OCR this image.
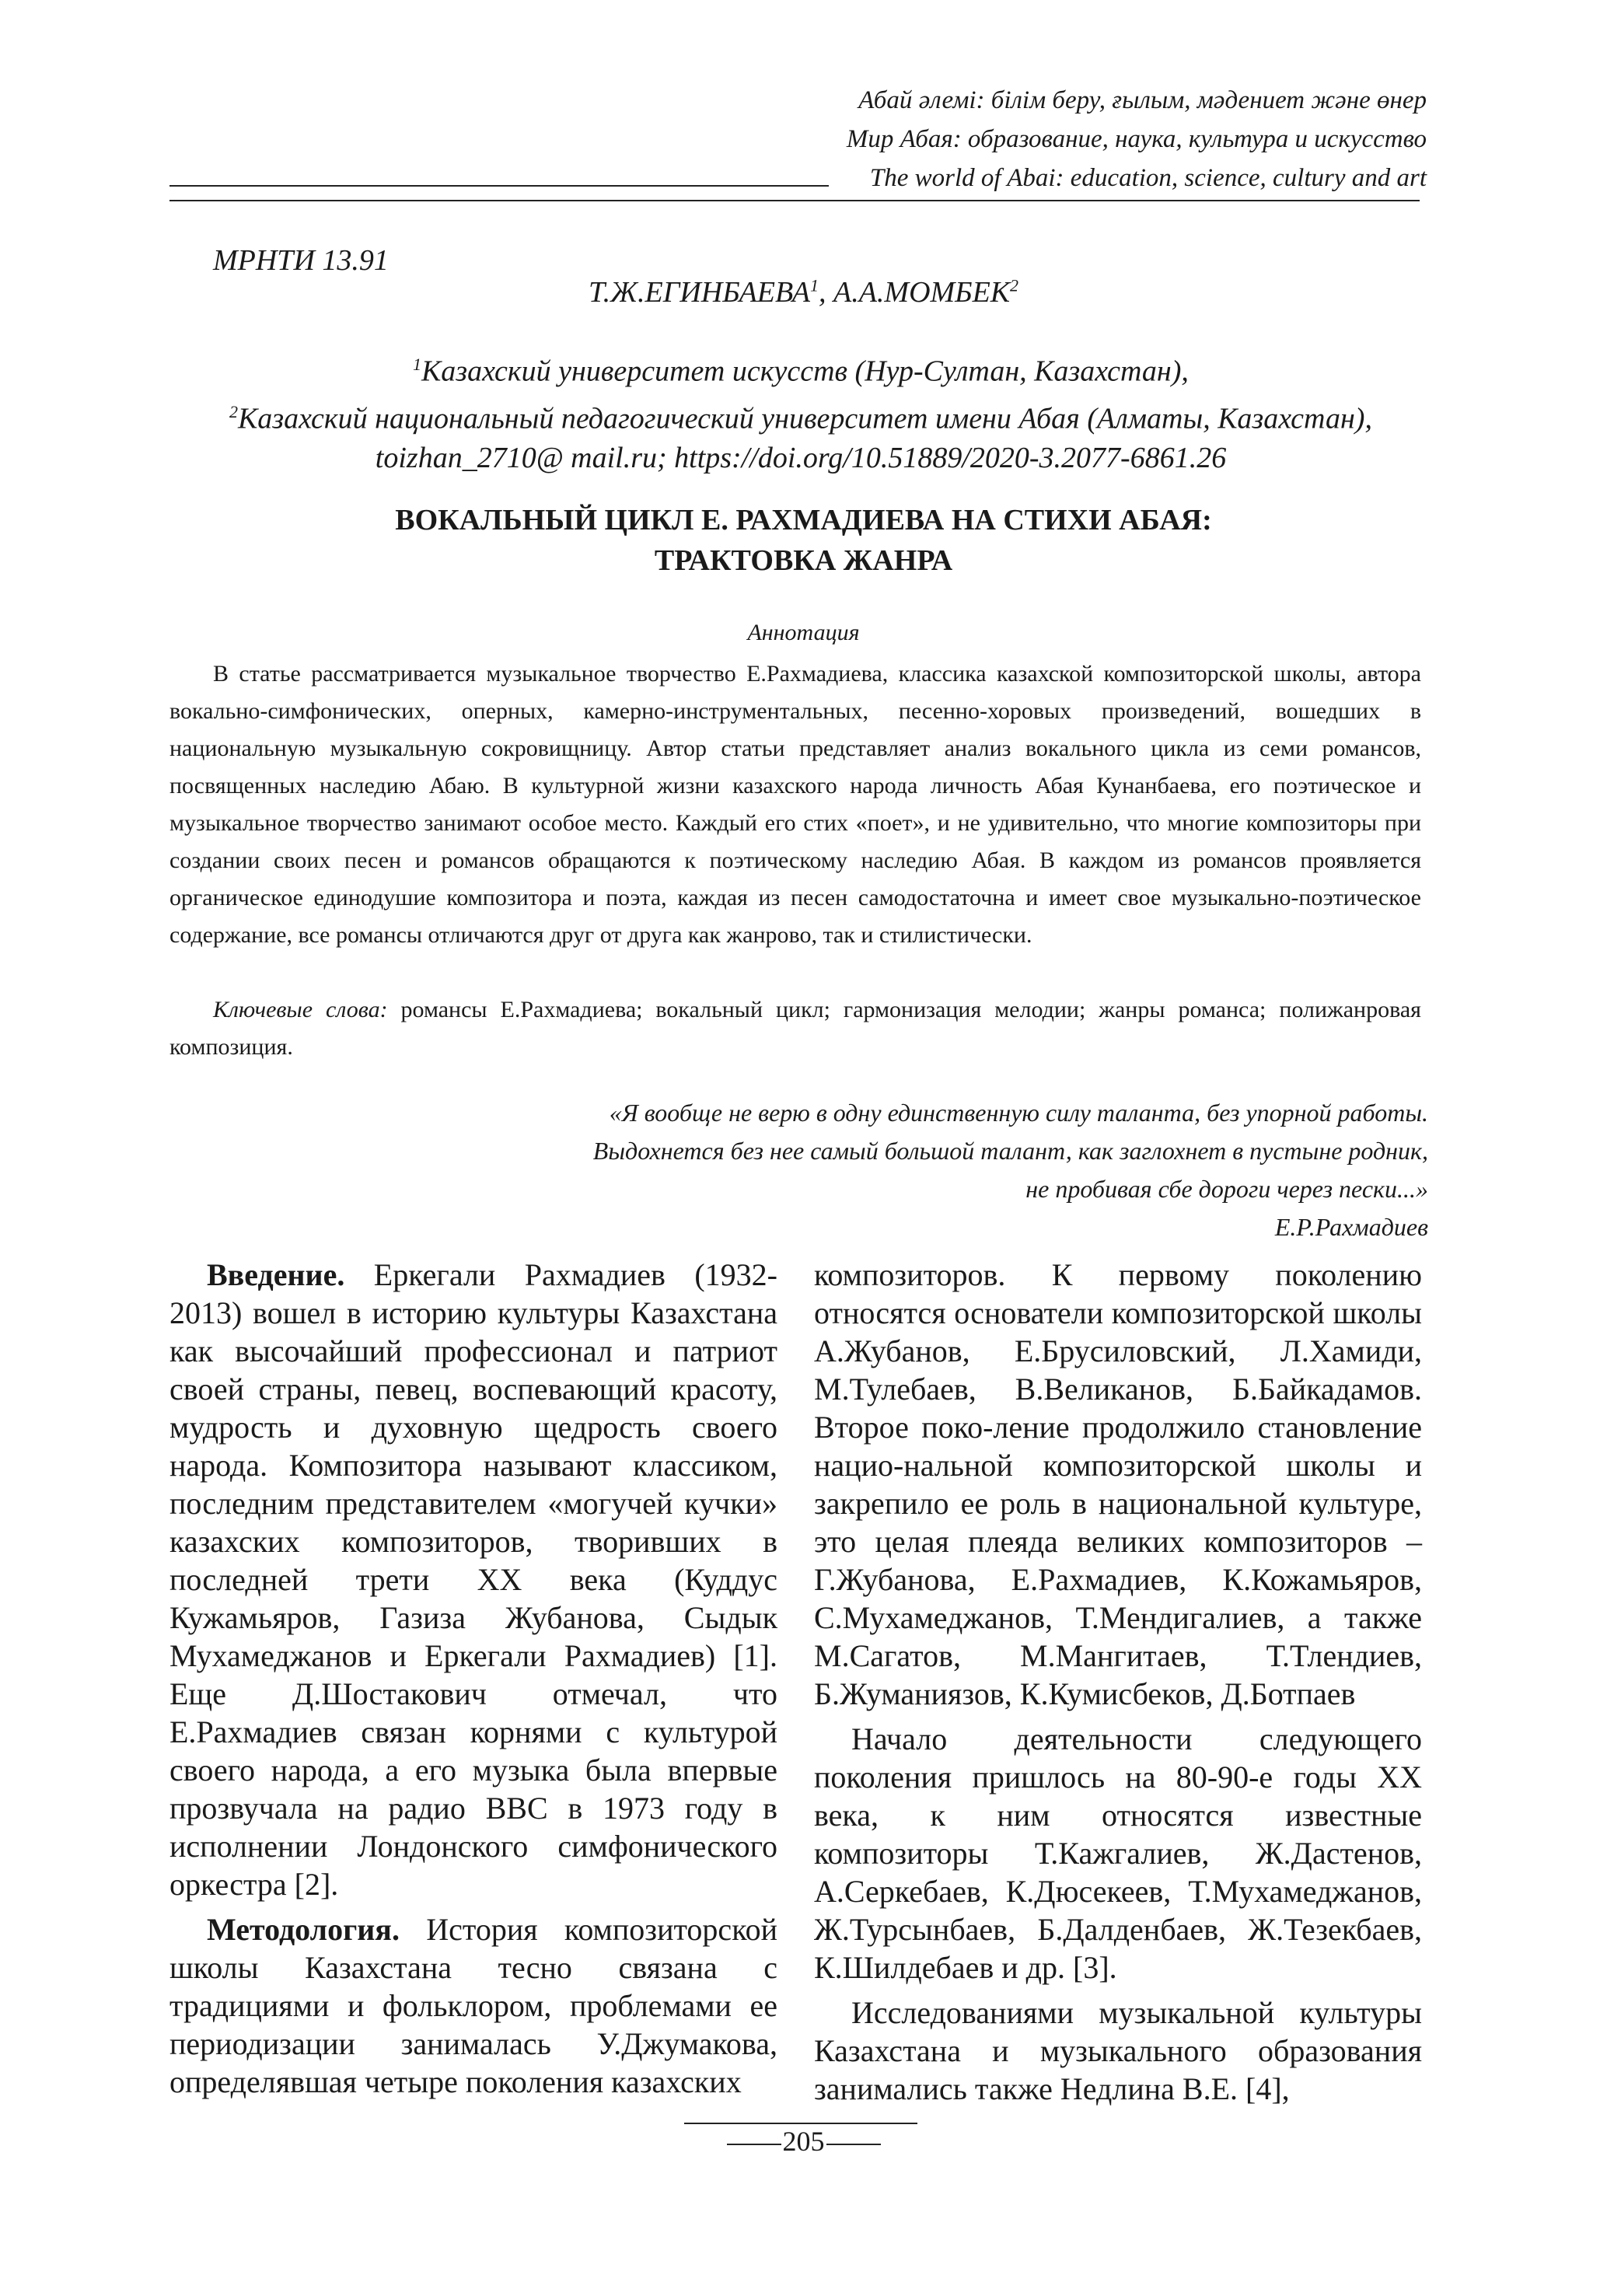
Абай әлемі: білім беру, ғылым, мәдениет және өнер
Мир Абая: образование, наука, культура и искусство
The world of Abai: education, science, cultury and art
МРНТИ 13.91
Т.Ж.ЕГИНБАЕВА$^1$, А.А.МОМБЕК$^2$
$^1$Казахский университет искусств (Нур-Султан, Казахстан),
$^2$Казахский национальный педагогический университет имени Абая (Алматы, Казахстан),
toizhan_2710@ mail.ru; https://doi.org/10.51889/2020-3.2077-6861.26
ВОКАЛЬНЫЙ ЦИКЛ Е. РАХМАДИЕВА НА СТИХИ АБАЯ:
ТРАКТОВКА ЖАНРА
Аннотация

В статье рассматривается музыкальное творчество Е.Рахмадиева, классика казахской композиторской школы, автора вокально-симфонических, оперных, камерно-инструментальных, песенно-хоровых произведений, вошедших в национальную музыкальную сокровищницу. Автор статьи представляет анализ вокального цикла из семи романсов, посвященных наследию Абаю. В культурной жизни казахского народа личность Абая Кунанбаева, его поэтическое и музыкальное творчество занимают особое место. Каждый его стих «поет», и не удивительно, что многие композиторы при создании своих песен и романсов обращаются к поэтическому наследию Абая. В каждом из романсов проявляется органическое единодушие композитора и поэта, каждая из песен самодостаточна и имеет свое музыкально-поэтическое содержание, все романсы отличаются друг от друга как жанрово, так и стилистически.

Ключевые слова: романсы Е.Рахмадиева; вокальный цикл; гармонизация мелодии; жанры романса; полижанровая композиция.

«Я вообще не верю в одну единственную силу таланта, без упорной работы.
Выдохнется без нее самый большой талант, как заглохнет в пустыне родник,
не пробивая сбе дороги через пески...»
Е.Р.Рахмадиев

Введение. Еркегали Рахмадиев (1932-2013) вошел в историю культуры Казахстана как высочайший профессионал и патриот своей страны, певец, воспевающий красоту, мудрость и духовную щедрость своего народа. Композитора называют классиком, последним представителем «могучей кучки» казахских композиторов, творивших в последней трети XX века (Куддус Кужамьяров, Газиза Жубанова, Сыдык Мухамеджанов и Еркегали Рахмадиев) [1]. Еще Д.Шостакович отмечал, что Е.Рахмадиев связан корнями с культурой своего народа, а его музыка была впервые прозвучала на радио BBC в 1973 году в исполнении Лондонского симфонического оркестра [2].

Методология. История композиторской школы Казахстана тесно связана с традициями и фольклором, проблемами ее периодизации занималась У.Джумакова, определявшая четыре поколения казахских

композиторов. К первому поколению относятся основатели композиторской школы А.Жубанов, Е.Брусиловский, Л.Хамиди, М.Тулебаев, В.Великанов, Б.Байкадамов. Второе поко-ление продолжило становление нацио-нальной композиторской школы и закрепило ее роль в национальной культуре, это целая плеяда великих композиторов – Г.Жубанова, Е.Рахмадиев, К.Кожамьяров, С.Мухамеджанов, Т.Мендигалиев, а также М.Сагатов, М.Мангитаев, Т.Тлендиев, Б.Жуманиязов, К.Кумисбеков, Д.Ботпаев

Начало деятельности следующего поколения пришлось на 80-90-е годы XX века, к ним относятся известные композиторы Т.Кажгалиев, Ж.Дастенов, А.Серкебаев, К.Дюсекеев, Т.Мухамеджанов, Ж.Турсынбаев, Б.Далденбаев, Ж.Тезекбаев, К.Шилдебаев и др. [3].

Исследованиями музыкальной культуры Казахстана и музыкального образования занимались также Недлина В.Е. [4],

205
